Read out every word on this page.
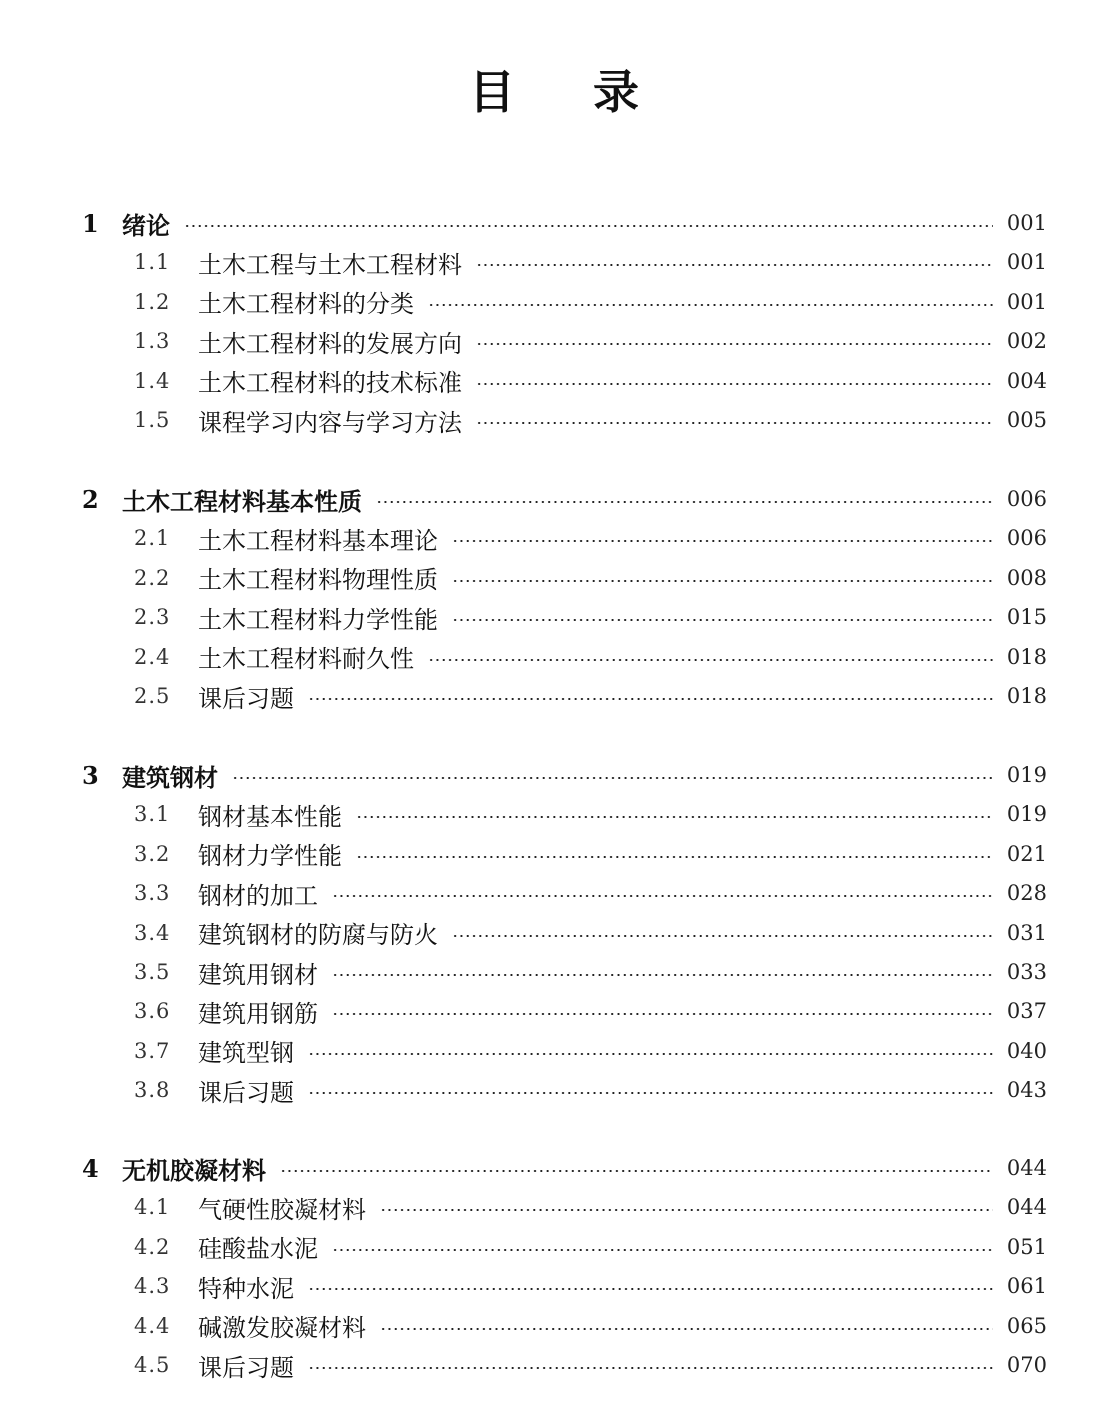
目 录
1 绪论	001
1.1 土木工程与土木工程材料	001
1.2 土木工程材料的分类	001
1.3 土木工程材料的发展方向	002
1.4 土木工程材料的技术标准	004
1.5 课程学习内容与学习方法	005
2 土木工程材料基本性质	006
2.1 土木工程材料基本理论	006
2.2 土木工程材料物理性质	008
2.3 土木工程材料力学性能	015
2.4 土木工程材料耐久性	018
2.5 课后习题	018
3 建筑钢材	019
3.1 钢材基本性能	019
3.2 钢材力学性能	021
3.3 钢材的加工	028
3.4 建筑钢材的防腐与防火	031
3.5 建筑用钢材	033
3.6 建筑用钢筋	037
3.7 建筑型钢	040
3.8 课后习题	043
4 无机胶凝材料	044
4.1 气硬性胶凝材料	044
4.2 硅酸盐水泥	051
4.3 特种水泥	061
4.4 碱激发胶凝材料	065
4.5 课后习题	070
